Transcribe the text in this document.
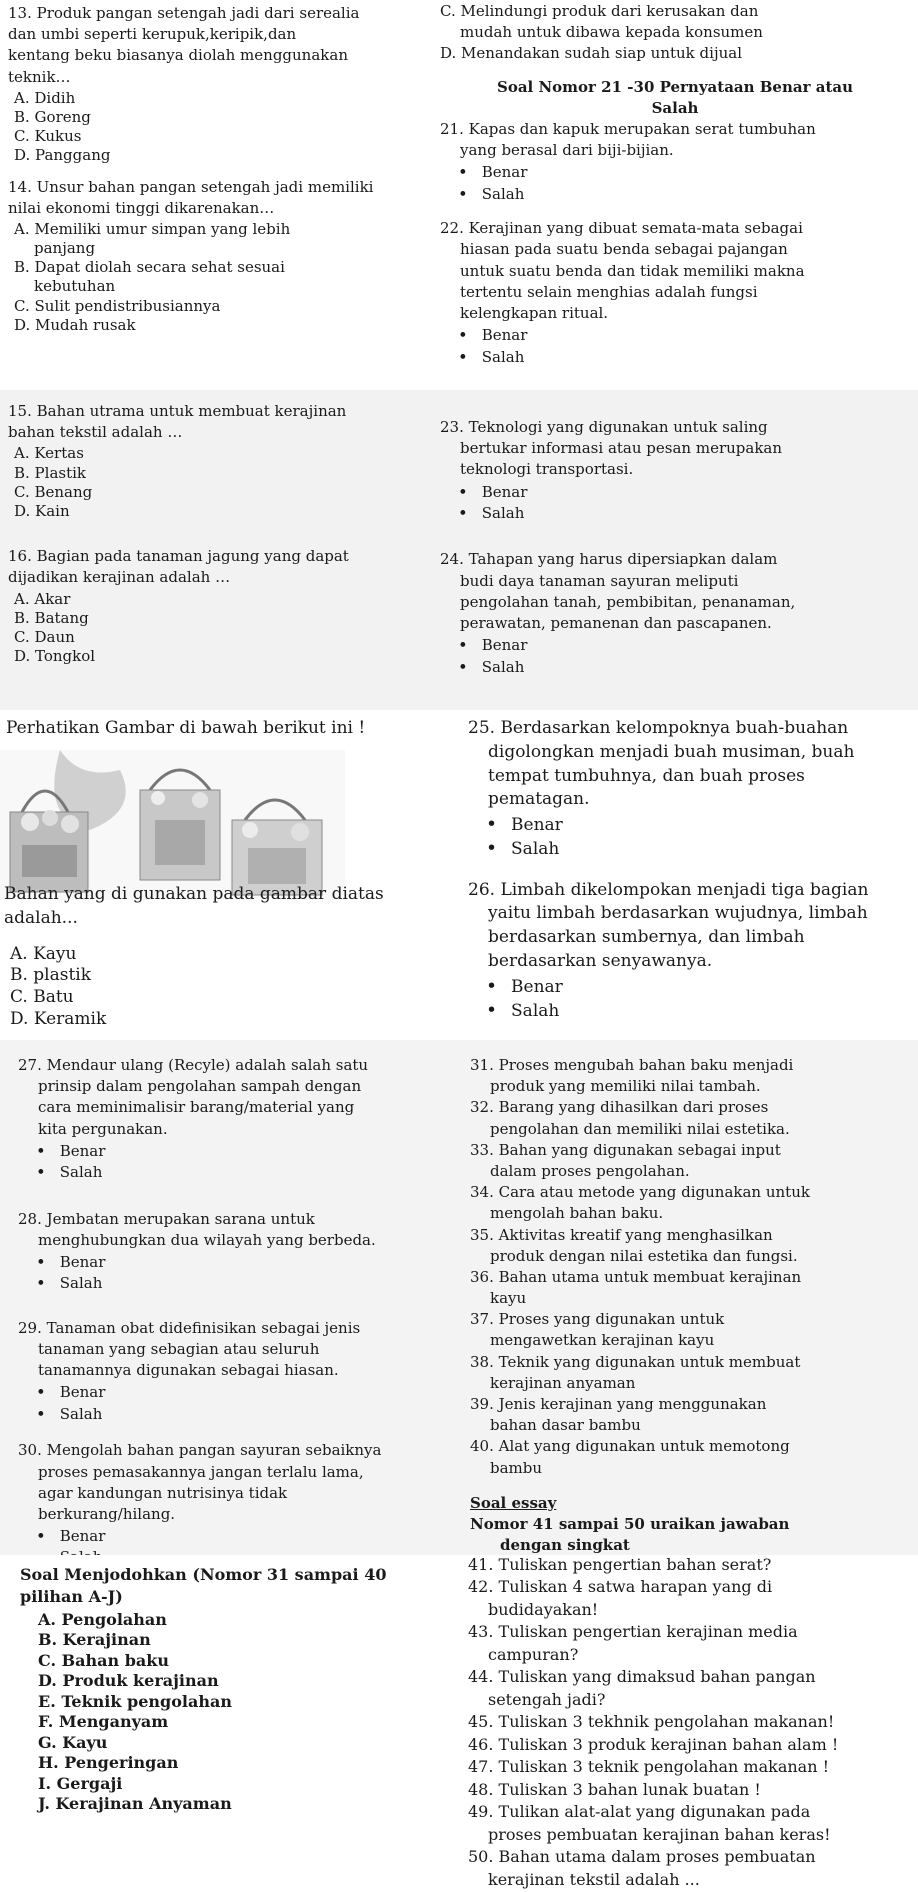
13. Produk pangan setengah jadi dari serealia
dan umbi seperti kerupuk,keripik,dan
kentang beku biasanya diolah menggunakan
teknik…
A. Didih
B. Goreng
C. Kukus
D. Panggang
14. Unsur bahan pangan setengah jadi memiliki
nilai ekonomi tinggi dikarenakan…
A. Memiliki umur simpan yang lebih
panjang
B. Dapat diolah secara sehat sesuai
kebutuhan
C. Sulit pendistribusiannya
D. Mudah rusak
C. Melindungi produk dari kerusakan dan
mudah untuk dibawa kepada konsumen
D. Menandakan sudah siap untuk dijual
Soal Nomor 21 -30 Pernyataan Benar atau
Salah
21. Kapas dan kapuk merupakan serat tumbuhan
yang berasal dari biji-bijian.
• Benar
• Salah
22. Kerajinan yang dibuat semata-mata sebagai
hiasan pada suatu benda sebagai pajangan
untuk suatu benda dan tidak memiliki makna
tertentu selain menghias adalah fungsi
kelengkapan ritual.
• Benar
• Salah
15. Bahan utrama untuk membuat kerajinan
bahan tekstil adalah …
A. Kertas
B. Plastik
C. Benang
D. Kain
16. Bagian pada tanaman jagung yang dapat
dijadikan kerajinan adalah …
A. Akar
B. Batang
C. Daun
D. Tongkol
23. Teknologi yang digunakan untuk saling
bertukar informasi atau pesan merupakan
teknologi transportasi.
• Benar
• Salah
24. Tahapan yang harus dipersiapkan dalam
budi daya tanaman sayuran meliputi
pengolahan tanah, pembibitan, penanaman,
perawatan, pemanenan dan pascapanen.
• Benar
• Salah
Perhatikan Gambar di bawah berikut ini !
Bahan yang di gunakan pada gambar diatas
adalah...
A. Kayu
B. plastik
C. Batu
D. Keramik
25. Berdasarkan kelompoknya buah-buahan
digolongkan menjadi buah musiman, buah
tempat tumbuhnya, dan buah proses
pematagan.
• Benar
• Salah
26. Limbah dikelompokan menjadi tiga bagian
yaitu limbah berdasarkan wujudnya, limbah
berdasarkan sumbernya, dan limbah
berdasarkan senyawanya.
• Benar
• Salah
27. Mendaur ulang (Recyle) adalah salah satu
prinsip dalam pengolahan sampah dengan
cara meminimalisir barang/material yang
kita pergunakan.
• Benar
• Salah
28. Jembatan merupakan sarana untuk
menghubungkan dua wilayah yang berbeda.
• Benar
• Salah
29. Tanaman obat didefinisikan sebagai jenis
tanaman yang sebagian atau seluruh
tanamannya digunakan sebagai hiasan.
• Benar
• Salah
30. Mengolah bahan pangan sayuran sebaiknya
proses pemasakannya jangan terlalu lama,
agar kandungan nutrisinya tidak
berkurang/hilang.
• Benar
•
31. Proses mengubah bahan baku menjadi
produk yang memiliki nilai tambah.
32. Barang yang dihasilkan dari proses
pengolahan dan memiliki nilai estetika.
33. Bahan yang digunakan sebagai input
dalam proses pengolahan.
34. Cara atau metode yang digunakan untuk
mengolah bahan baku.
35. Aktivitas kreatif yang menghasilkan
produk dengan nilai estetika dan fungsi.
36. Bahan utama untuk membuat kerajinan
kayu
37. Proses yang digunakan untuk
mengawetkan kerajinan kayu
38. Teknik yang digunakan untuk membuat
kerajinan anyaman
39. Jenis kerajinan yang menggunakan
bahan dasar bambu
40. Alat yang digunakan untuk memotong
bambu
Soal essay
Nomor 41 sampai 50 uraikan jawaban
dengan singkat
Soal Menjodohkan (Nomor 31 sampai 40
pilihan A-J)
A. Pengolahan
B. Kerajinan
C. Bahan baku
D. Produk kerajinan
E. Teknik pengolahan
F. Menganyam
G. Kayu
H. Pengeringan
I. Gergaji
J. Kerajinan Anyaman
41. Tuliskan pengertian bahan serat?
42. Tuliskan 4 satwa harapan yang di
budidayakan!
43. Tuliskan pengertian kerajinan media
campuran?
44. Tuliskan yang dimaksud bahan pangan
setengah jadi?
45. Tuliskan 3 tekhnik pengolahan makanan!
46. Tuliskan 3 produk kerajinan bahan alam !
47. Tuliskan 3 teknik pengolahan makanan !
48. Tuliskan 3 bahan lunak buatan !
49. Tulikan alat-alat yang digunakan pada
proses pembuatan kerajinan bahan keras!
50. Bahan utama dalam proses pembuatan
kerajinan tekstil adalah ...
